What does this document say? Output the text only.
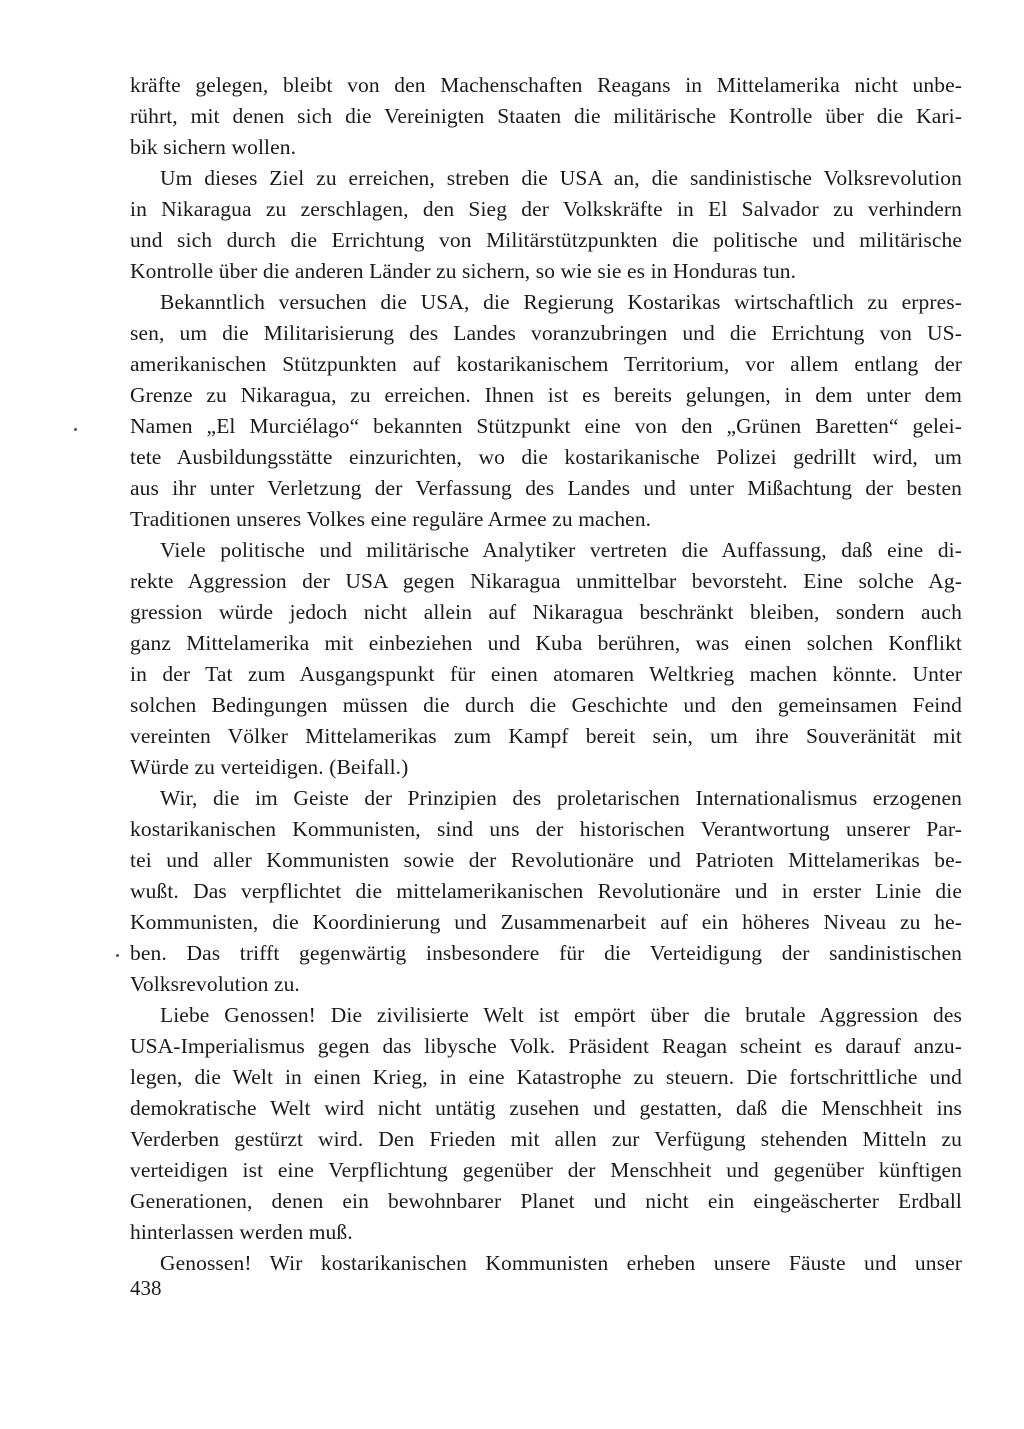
kräfte gelegen, bleibt von den Machenschaften Reagans in Mittelamerika nicht unbe-
rührt, mit denen sich die Vereinigten Staaten die militärische Kontrolle über die Kari-
bik sichern wollen.
Um dieses Ziel zu erreichen, streben die USA an, die sandinistische Volksrevolution
in Nikaragua zu zerschlagen, den Sieg der Volkskräfte in El Salvador zu verhindern
und sich durch die Errichtung von Militärstützpunkten die politische und militärische
Kontrolle über die anderen Länder zu sichern, so wie sie es in Honduras tun.
Bekanntlich versuchen die USA, die Regierung Kostarikas wirtschaftlich zu erpres-
sen, um die Militarisierung des Landes voranzubringen und die Errichtung von US-
amerikanischen Stützpunkten auf kostarikanischem Territorium, vor allem entlang der
Grenze zu Nikaragua, zu erreichen. Ihnen ist es bereits gelungen, in dem unter dem
Namen „El Murciélago“ bekannten Stützpunkt eine von den „Grünen Baretten“ gelei-
tete Ausbildungsstätte einzurichten, wo die kostarikanische Polizei gedrillt wird, um
aus ihr unter Verletzung der Verfassung des Landes und unter Mißachtung der besten
Traditionen unseres Volkes eine reguläre Armee zu machen.
Viele politische und militärische Analytiker vertreten die Auffassung, daß eine di-
rekte Aggression der USA gegen Nikaragua unmittelbar bevorsteht. Eine solche Ag-
gression würde jedoch nicht allein auf Nikaragua beschränkt bleiben, sondern auch
ganz Mittelamerika mit einbeziehen und Kuba berühren, was einen solchen Konflikt
in der Tat zum Ausgangspunkt für einen atomaren Weltkrieg machen könnte. Unter
solchen Bedingungen müssen die durch die Geschichte und den gemeinsamen Feind
vereinten Völker Mittelamerikas zum Kampf bereit sein, um ihre Souveränität mit
Würde zu verteidigen. (Beifall.)
Wir, die im Geiste der Prinzipien des proletarischen Internationalismus erzogenen
kostarikanischen Kommunisten, sind uns der historischen Verantwortung unserer Par-
tei und aller Kommunisten sowie der Revolutionäre und Patrioten Mittelamerikas be-
wußt. Das verpflichtet die mittelamerikanischen Revolutionäre und in erster Linie die
Kommunisten, die Koordinierung und Zusammenarbeit auf ein höheres Niveau zu he-
ben. Das trifft gegenwärtig insbesondere für die Verteidigung der sandinistischen
Volksrevolution zu.
Liebe Genossen! Die zivilisierte Welt ist empört über die brutale Aggression des
USA-Imperialismus gegen das libysche Volk. Präsident Reagan scheint es darauf anzu-
legen, die Welt in einen Krieg, in eine Katastrophe zu steuern. Die fortschrittliche und
demokratische Welt wird nicht untätig zusehen und gestatten, daß die Menschheit ins
Verderben gestürzt wird. Den Frieden mit allen zur Verfügung stehenden Mitteln zu
verteidigen ist eine Verpflichtung gegenüber der Menschheit und gegenüber künftigen
Generationen, denen ein bewohnbarer Planet und nicht ein eingeäscherter Erdball
hinterlassen werden muß.
Genossen! Wir kostarikanischen Kommunisten erheben unsere Fäuste und unser
438
